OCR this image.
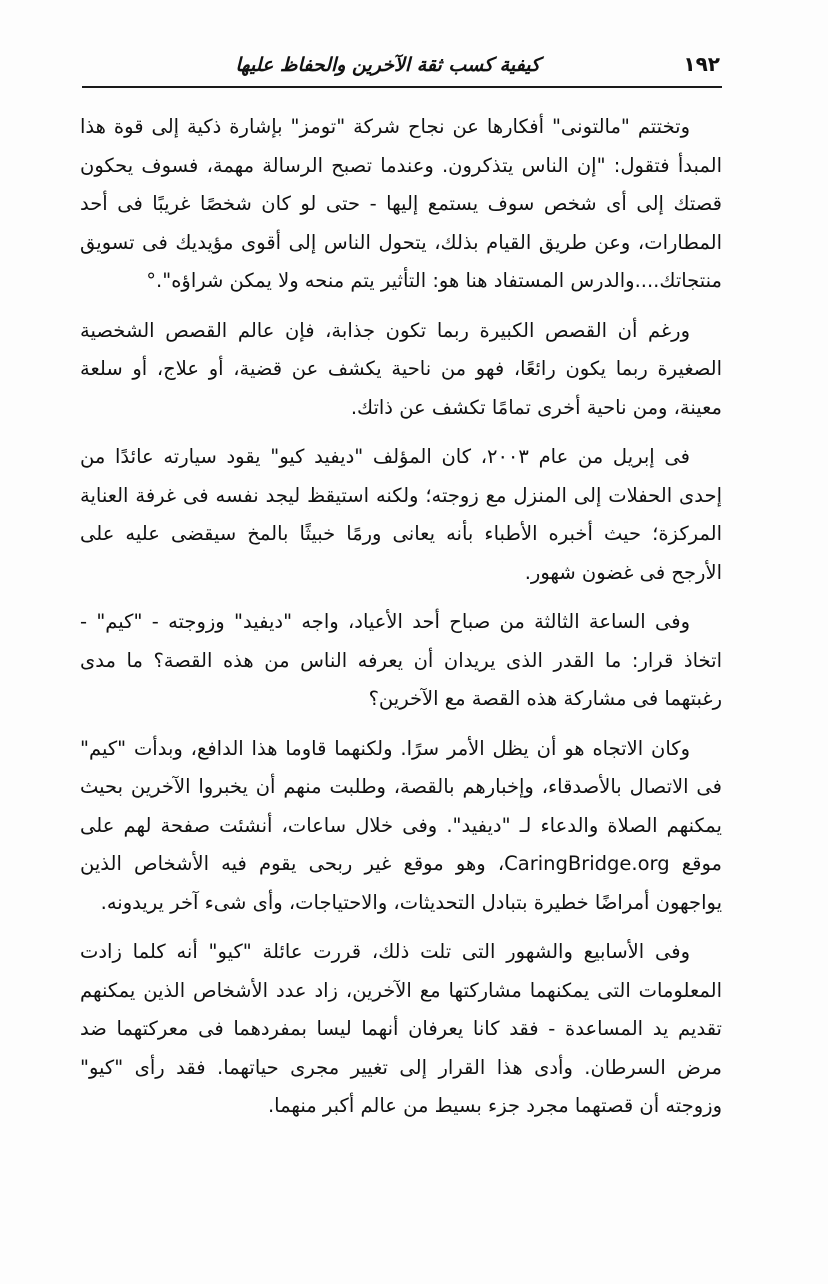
١٩٢
كيفية كسب ثقة الآخرين والحفاظ عليها

وتختتم "مالتونى" أفكارها عن نجاح شركة "تومز" بإشارة ذكية إلى قوة هذا المبدأ فتقول: "إن الناس يتذكرون. وعندما تصبح الرسالة مهمة، فسوف يحكون قصتك إلى أى شخص سوف يستمع إليها - حتى لو كان شخصًا غريبًا فى أحد المطارات، وعن طريق القيام بذلك، يتحول الناس إلى أقوى مؤيديك فى تسويق منتجاتك....والدرس المستفاد هنا هو: التأثير يتم منحه ولا يمكن شراؤه".°

ورغم أن القصص الكبيرة ربما تكون جذابة، فإن عالم القصص الشخصية الصغيرة ربما يكون رائعًا، فهو من ناحية يكشف عن قضية، أو علاج، أو سلعة معينة، ومن ناحية أخرى تمامًا تكشف عن ذاتك.

فى إبريل من عام ٢٠٠٣، كان المؤلف "ديفيد كيو" يقود سيارته عائدًا من إحدى الحفلات إلى المنزل مع زوجته؛ ولكنه استيقظ ليجد نفسه فى غرفة العناية المركزة؛ حيث أخبره الأطباء بأنه يعانى ورمًا خبيثًا بالمخ سيقضى عليه على الأرجح فى غضون شهور.

وفى الساعة الثالثة من صباح أحد الأعياد، واجه "ديفيد" وزوجته - "كيم" - اتخاذ قرار: ما القدر الذى يريدان أن يعرفه الناس من هذه القصة؟ ما مدى رغبتهما فى مشاركة هذه القصة مع الآخرين؟

وكان الاتجاه هو أن يظل الأمر سرًا. ولكنهما قاوما هذا الدافع، وبدأت "كيم" فى الاتصال بالأصدقاء، وإخبارهم بالقصة، وطلبت منهم أن يخبروا الآخرين بحيث يمكنهم الصلاة والدعاء لـ "ديفيد". وفى خلال ساعات، أنشئت صفحة لهم على موقع CaringBridge.org، وهو موقع غير ربحى يقوم فيه الأشخاص الذين يواجهون أمراضًا خطيرة بتبادل التحديثات، والاحتياجات، وأى شىء آخر يريدونه.

وفى الأسابيع والشهور التى تلت ذلك، قررت عائلة "كيو" أنه كلما زادت المعلومات التى يمكنهما مشاركتها مع الآخرين، زاد عدد الأشخاص الذين يمكنهم تقديم يد المساعدة - فقد كانا يعرفان أنهما ليسا بمفردهما فى معركتهما ضد مرض السرطان. وأدى هذا القرار إلى تغيير مجرى حياتهما. فقد رأى "كيو" وزوجته أن قصتهما مجرد جزء بسيط من عالم أكبر منهما.
